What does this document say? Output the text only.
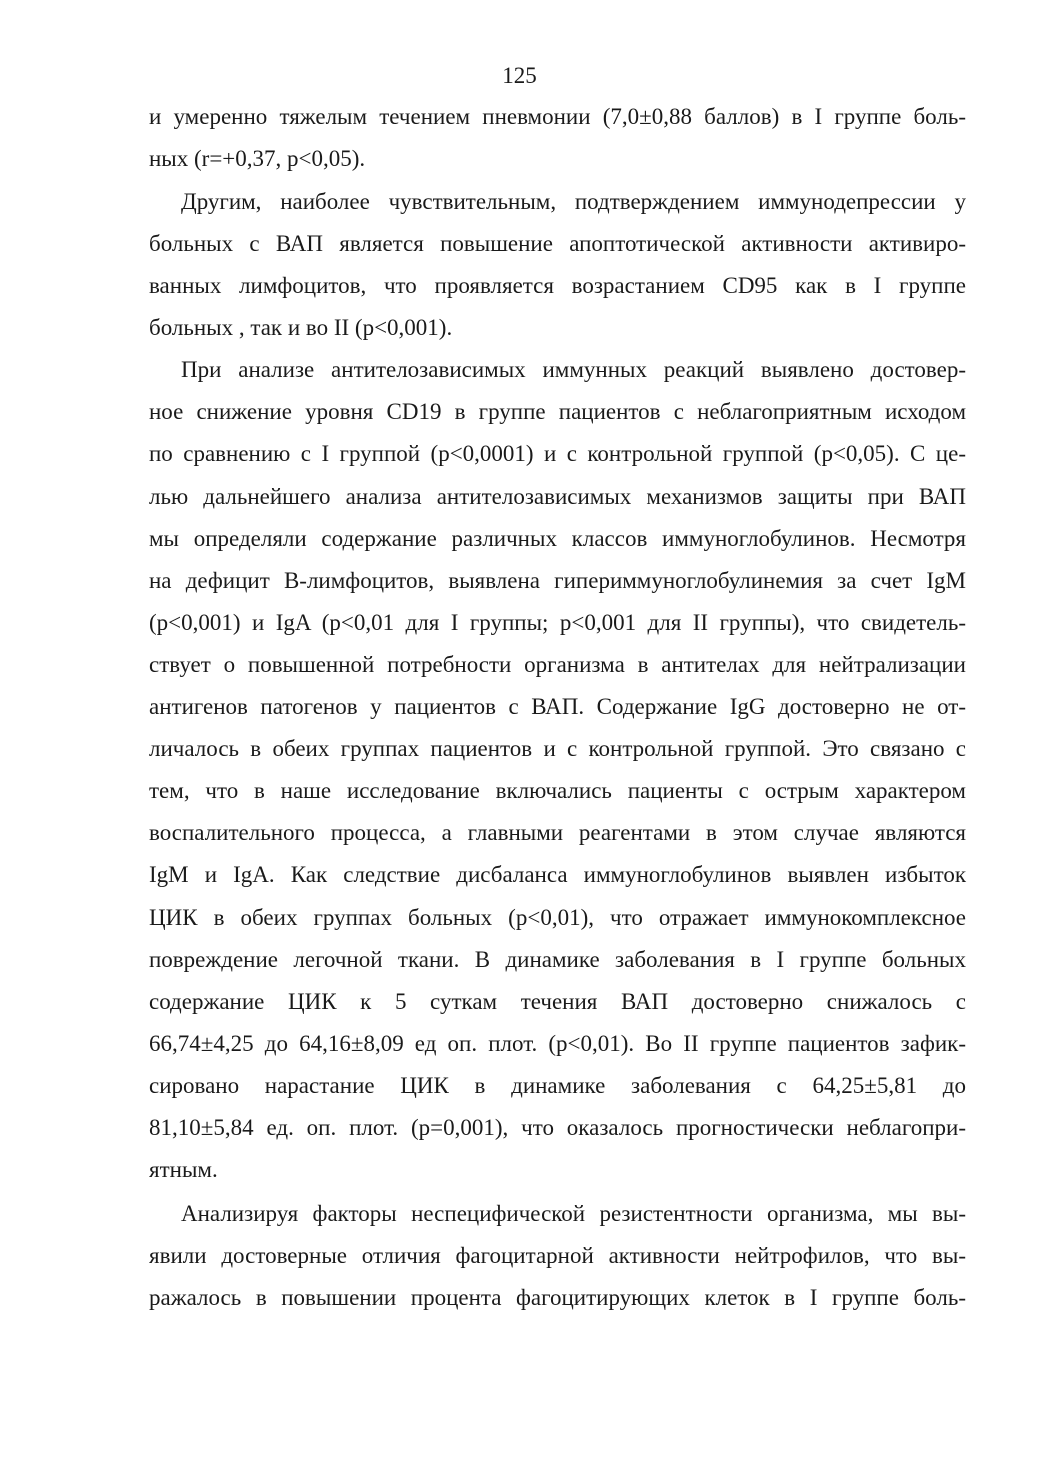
125
и умеренно тяжелым течением пневмонии (7,0±0,88 баллов) в I группе боль-
ных (r=+0,37, p<0,05).
Другим, наиболее чувствительным, подтверждением иммунодепрессии у
больных с ВАП является повышение апоптотической активности активиро-
ванных лимфоцитов, что проявляется возрастанием CD95 как в I группе
больных , так и во II (p<0,001).
При анализе антителозависимых иммунных реакций выявлено достовер-
ное снижение уровня CD19 в группе пациентов с неблагоприятным исходом
по сравнению с I группой (p<0,0001) и с контрольной группой (p<0,05). С це-
лью дальнейшего анализа антителозависимых механизмов защиты при ВАП
мы определяли содержание различных классов иммуноглобулинов. Несмотря
на дефицит В-лимфоцитов, выявлена гипериммуноглобулинемия за счет IgM
(p<0,001) и IgA (p<0,01 для I группы; p<0,001 для II группы), что свидетель-
ствует о повышенной потребности организма в антителах для нейтрализации
антигенов патогенов у пациентов с ВАП. Содержание IgG достоверно не от-
личалось в обеих группах пациентов и с контрольной группой. Это связано с
тем, что в наше исследование включались пациенты с острым характером
воспалительного процесса, а главными реагентами в этом случае являются
IgM и IgA. Как следствие дисбаланса иммуноглобулинов выявлен избыток
ЦИК в обеих группах больных (p<0,01), что отражает иммунокомплексное
повреждение легочной ткани. В динамике заболевания в I группе больных
содержание ЦИК к 5 суткам течения ВАП достоверно снижалось с
66,74±4,25 до 64,16±8,09 ед оп. плот. (p<0,01). Во II группе пациентов зафик-
сировано нарастание ЦИК в динамике заболевания с 64,25±5,81 до
81,10±5,84 ед. оп. плот. (p=0,001), что оказалось прогностически неблагопри-
ятным.
Анализируя факторы неспецифической резистентности организма, мы вы-
явили достоверные отличия фагоцитарной активности нейтрофилов, что вы-
ражалось в повышении процента фагоцитирующих клеток в I группе боль-
